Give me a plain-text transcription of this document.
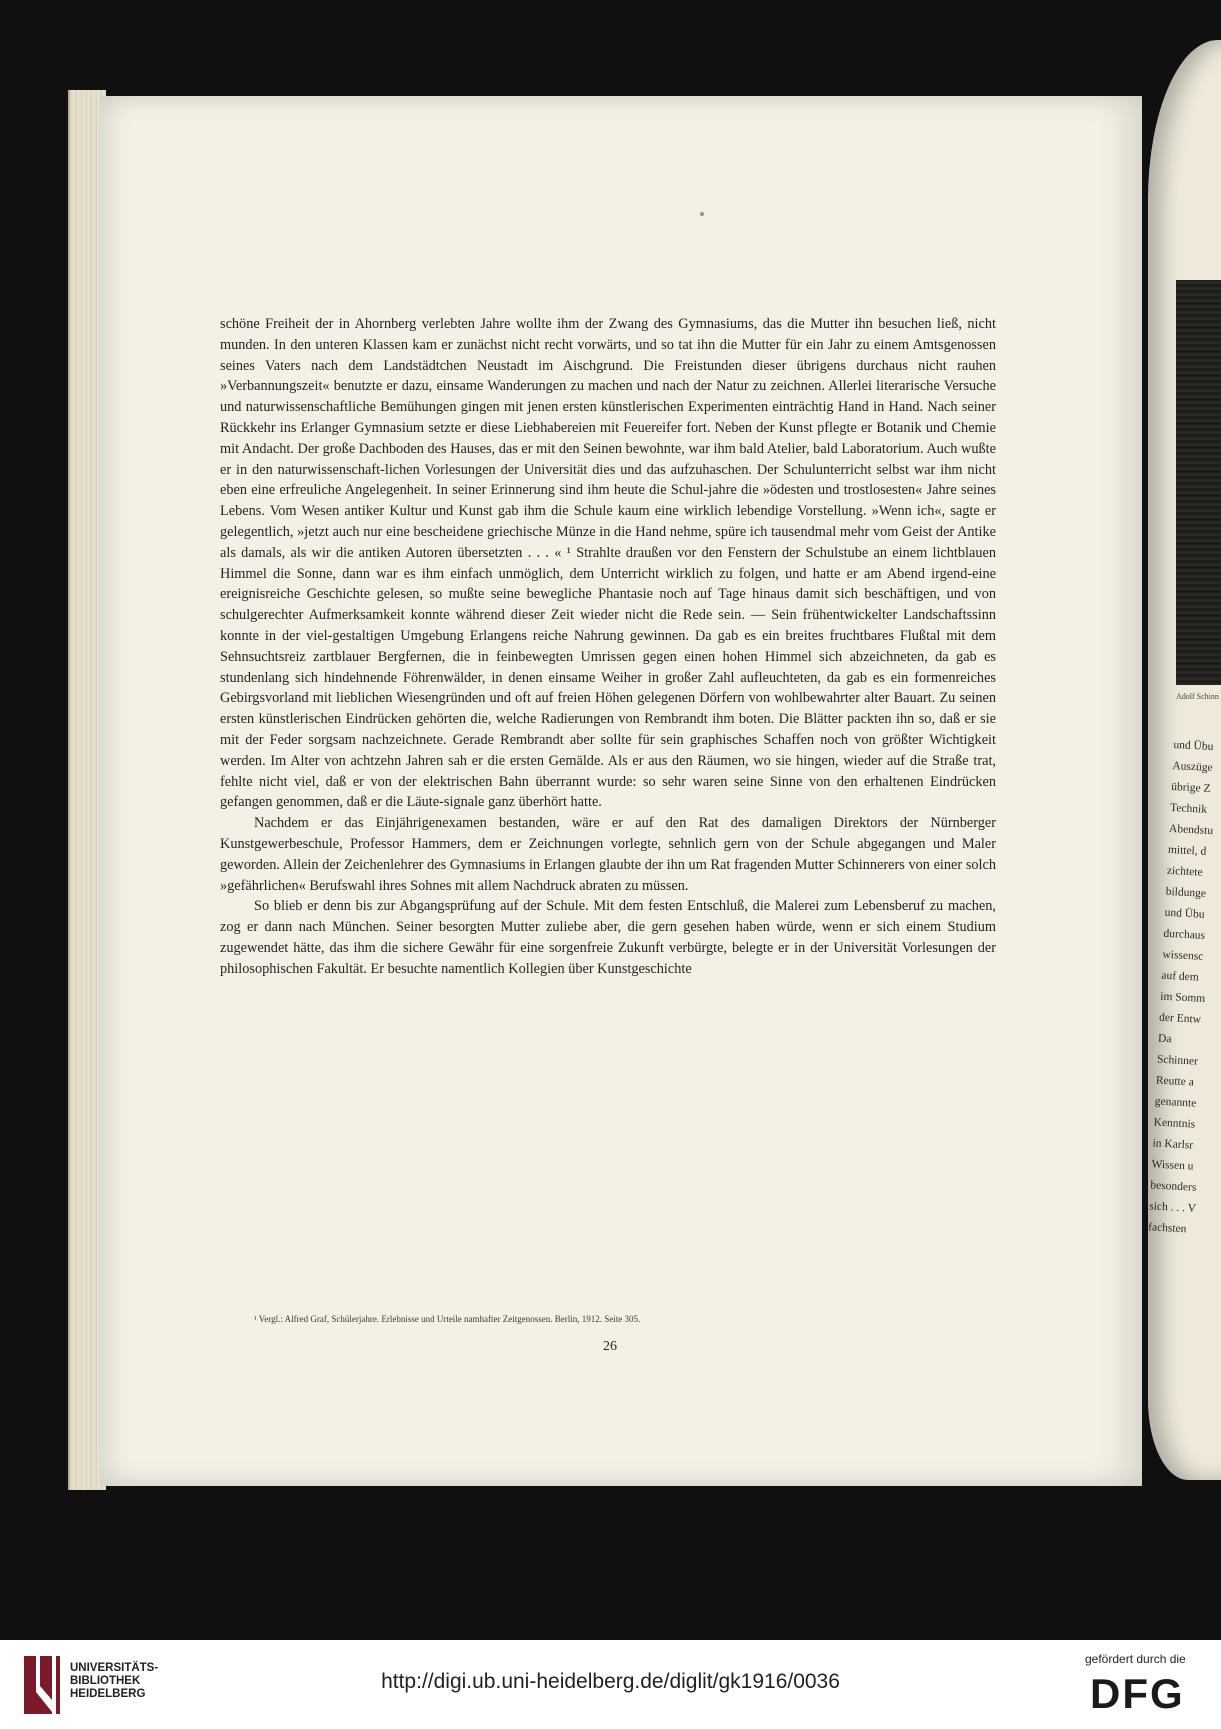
schöne Freiheit der in Ahornberg verlebten Jahre wollte ihm der Zwang des Gymnasiums, das die Mutter ihn besuchen ließ, nicht munden. In den unteren Klassen kam er zunächst nicht recht vorwärts, und so tat ihn die Mutter für ein Jahr zu einem Amtsgenossen seines Vaters nach dem Landstädtchen Neustadt im Aischgrund. Die Freistunden dieser übrigens durchaus nicht rauhen »Verbannungszeit« benutzte er dazu, einsame Wanderungen zu machen und nach der Natur zu zeichnen. Allerlei literarische Versuche und naturwissenschaftliche Bemühungen gingen mit jenen ersten künstlerischen Experimenten einträchtig Hand in Hand. Nach seiner Rückkehr ins Erlanger Gymnasium setzte er diese Liebhabereien mit Feuereifer fort. Neben der Kunst pflegte er Botanik und Chemie mit Andacht. Der große Dachboden des Hauses, das er mit den Seinen bewohnte, war ihm bald Atelier, bald Laboratorium. Auch wußte er in den naturwissenschaft-lichen Vorlesungen der Universität dies und das aufzuhaschen. Der Schulunterricht selbst war ihm nicht eben eine erfreuliche Angelegenheit. In seiner Erinnerung sind ihm heute die Schul-jahre die »ödesten und trostlosesten« Jahre seines Lebens. Vom Wesen antiker Kultur und Kunst gab ihm die Schule kaum eine wirklich lebendige Vorstellung. »Wenn ich«, sagte er gelegentlich, »jetzt auch nur eine bescheidene griechische Münze in die Hand nehme, spüre ich tausendmal mehr vom Geist der Antike als damals, als wir die antiken Autoren übersetzten . . . « ¹ Strahlte draußen vor den Fenstern der Schulstube an einem lichtblauen Himmel die Sonne, dann war es ihm einfach unmöglich, dem Unterricht wirklich zu folgen, und hatte er am Abend irgend-eine ereignisreiche Geschichte gelesen, so mußte seine bewegliche Phantasie noch auf Tage hinaus damit sich beschäftigen, und von schulgerechter Aufmerksamkeit konnte während dieser Zeit wieder nicht die Rede sein. — Sein frühentwickelter Landschaftssinn konnte in der viel-gestaltigen Umgebung Erlangens reiche Nahrung gewinnen. Da gab es ein breites fruchtbares Flußtal mit dem Sehnsuchtsreiz zartblauer Bergfernen, die in feinbewegten Umrissen gegen einen hohen Himmel sich abzeichneten, da gab es stundenlang sich hindehnende Föhrenwälder, in denen einsame Weiher in großer Zahl aufleuchteten, da gab es ein formenreiches Gebirgsvorland mit lieblichen Wiesengründen und oft auf freien Höhen gelegenen Dörfern von wohlbewahrter alter Bauart. Zu seinen ersten künstlerischen Eindrücken gehörten die, welche Radierungen von Rembrandt ihm boten. Die Blätter packten ihn so, daß er sie mit der Feder sorgsam nachzeichnete. Gerade Rembrandt aber sollte für sein graphisches Schaffen noch von größter Wichtigkeit werden. Im Alter von achtzehn Jahren sah er die ersten Gemälde. Als er aus den Räumen, wo sie hingen, wieder auf die Straße trat, fehlte nicht viel, daß er von der elektrischen Bahn überrannt wurde: so sehr waren seine Sinne von den erhaltenen Eindrücken gefangen genommen, daß er die Läute-signale ganz überhört hatte.

Nachdem er das Einjährigenexamen bestanden, wäre er auf den Rat des damaligen Direktors der Nürnberger Kunstgewerbeschule, Professor Hammers, dem er Zeichnungen vorlegte, sehnlich gern von der Schule abgegangen und Maler geworden. Allein der Zeichenlehrer des Gymnasiums in Erlangen glaubte der ihn um Rat fragenden Mutter Schinnerers von einer solch »gefährlichen« Berufswahl ihres Sohnes mit allem Nachdruck abraten zu müssen.

So blieb er denn bis zur Abgangsprüfung auf der Schule. Mit dem festen Entschluß, die Malerei zum Lebensberuf zu machen, zog er dann nach München. Seiner besorgten Mutter zuliebe aber, die gern gesehen haben würde, wenn er sich einem Studium zugewendet hätte, das ihm die sichere Gewähr für eine sorgenfreie Zukunft verbürgte, belegte er in der Universität Vorlesungen der philosophischen Fakultät. Er besuchte namentlich Kollegien über Kunstgeschichte

¹ Vergl.: Alfred Graf, Schülerjahre. Erlebnisse und Urteile namhafter Zeitgenossen. Berlin, 1912. Seite 305.
26
Adolf Schinn
und Übu
Auszüge
übrige Z
Technik
Abendstu
mittel, d
zichtete
bildunge
und Übu
durchaus
wissensc
auf dem
im Somm
der Entw
Da
Schinner
Reutte a
genannte
Kenntnis
in Karlsr
Wissen u
besonders
sich . . . V
fachsten
UNIVERSITÄTS-
BIBLIOTHEK
HEIDELBERG
http://digi.ub.uni-heidelberg.de/diglit/gk1916/0036
gefördert durch die
DFG
